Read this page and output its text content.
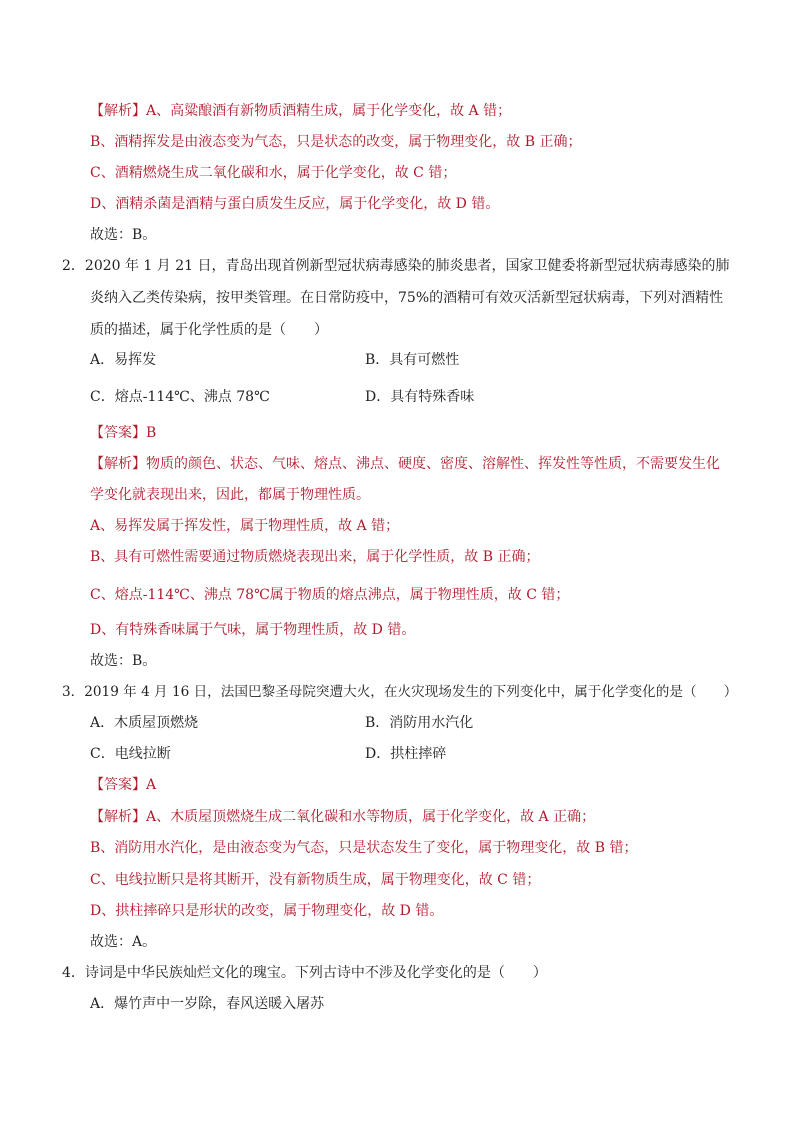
【解析】A、高粱酿酒有新物质酒精生成，属于化学变化，故 A 错；
B、酒精挥发是由液态变为气态，只是状态的改变，属于物理变化，故 B 正确；
C、酒精燃烧生成二氧化碳和水，属于化学变化，故 C 错；
D、酒精杀菌是酒精与蛋白质发生反应，属于化学变化，故 D 错。
故选：B。
2．2020 年 1 月 21 日，青岛出现首例新型冠状病毒感染的肺炎患者，国家卫健委将新型冠状病毒感染的肺
炎纳入乙类传染病，按甲类管理。在日常防疫中，75%的酒精可有效灭活新型冠状病毒，下列对酒精性
质的描述，属于化学性质的是（　　）
A．易挥发	B．具有可燃性
C．熔点-114℃、沸点 78℃	D．具有特殊香味
【答案】B
【解析】物质的颜色、状态、气味、熔点、沸点、硬度、密度、溶解性、挥发性等性质，不需要发生化
学变化就表现出来，因此，都属于物理性质。
A、易挥发属于挥发性，属于物理性质，故 A 错；
B、具有可燃性需要通过物质燃烧表现出来，属于化学性质，故 B 正确；
C、熔点-114℃、沸点 78℃属于物质的熔点沸点，属于物理性质，故 C 错；
D、有特殊香味属于气味，属于物理性质，故 D 错。
故选：B。
3．2019 年 4 月 16 日，法国巴黎圣母院突遭大火，在火灾现场发生的下列变化中，属于化学变化的是（　　）
A．木质屋顶燃烧	B．消防用水汽化
C．电线拉断	D．拱柱摔碎
【答案】A
【解析】A、木质屋顶燃烧生成二氧化碳和水等物质，属于化学变化，故 A 正确；
B、消防用水汽化，是由液态变为气态，只是状态发生了变化，属于物理变化，故 B 错；
C、电线拉断只是将其断开，没有新物质生成，属于物理变化，故 C 错；
D、拱柱摔碎只是形状的改变，属于物理变化，故 D 错。
故选：A。
4．诗词是中华民族灿烂文化的瑰宝。下列古诗中不涉及化学变化的是（　　）
A．爆竹声中一岁除，春风送暖入屠苏
